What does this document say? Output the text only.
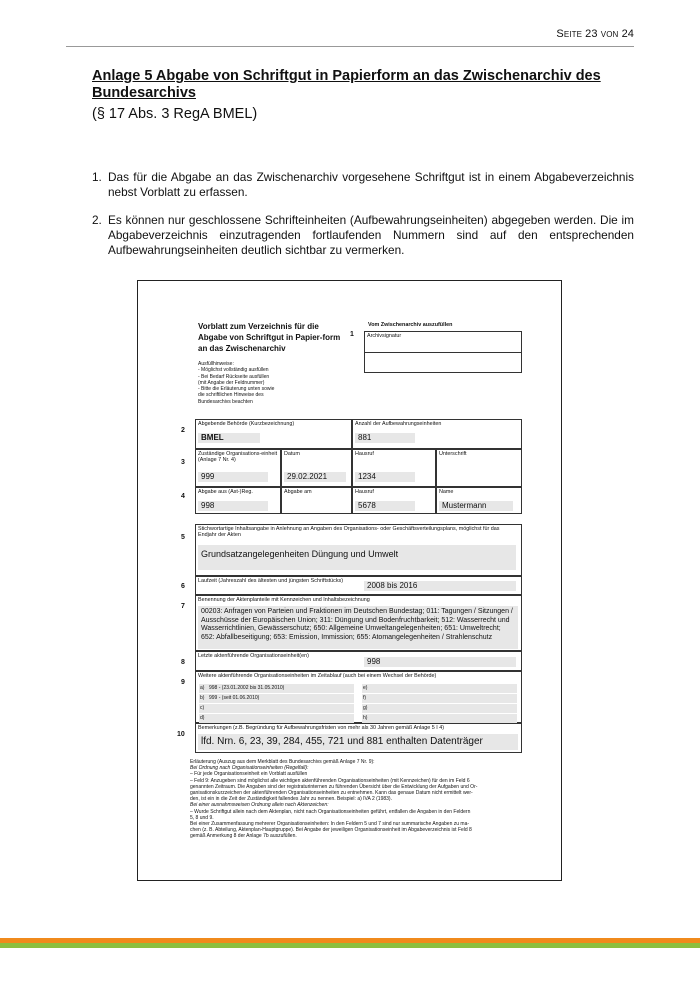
Seite 23 von 24
Anlage 5 Abgabe von Schriftgut in Papierform an das Zwischenarchiv des Bundesarchivs
(§ 17 Abs. 3 RegA BMEL)
1. Das für die Abgabe an das Zwischenarchiv vorgesehene Schriftgut ist in einem Abgabeverzeichnis nebst Vorblatt zu erfassen.
2. Es können nur geschlossene Schrifteinheiten (Aufbewahrungseinheiten) abgegeben werden. Die im Abgabeverzeichnis einzutragenden fortlaufenden Nummern sind auf den entsprechenden Aufbewahrungseinheiten deutlich sichtbar zu vermerken.
Vorblatt zum Verzeichnis für die Abgabe von Schriftgut in Papier-form an das Zwischenarchiv
Ausfüllhinweise:
- Möglichst vollständig ausfüllen
- Bei Bedarf Rückseite ausfüllen
(mit Angabe der Feldnummer)
- Bitte die Erläuterung unten sowie
die schriftlichen Hinweise des
Bundesarchivs beachten
1
Vom Zwischenarchiv auszufüllen
Archivsignatur
2
Abgebende Behörde (Kurzbezeichnung)
BMEL
Anzahl der Aufbewahrungseinheiten
881
3
Zuständige Organisations-einheit (Anlage 7 Nr. 4)
999
Datum
29.02.2021
Hausruf
1234
Unterschrift
4
Abgabe aus (Ast-)Reg.
998
Abgabe am	Hausruf
5678
Name
Mustermann
5
Stichwortartige Inhaltsangabe in Anlehnung an Angaben des Organisations- oder Geschäftsverteilungsplans, möglichst für das Endjahr der Akten
Grundsatzangelegenheiten Düngung und Umwelt
6
Laufzeit (Jahreszahl des ältesten und jüngsten Schriftstücks)	2008 bis 2016
7
Benennung der Aktenplanteile mit Kennzeichen und Inhaltsbezeichnung
00203: Anfragen von Parteien und Fraktionen im Deutschen Bundestag; 011: Tagungen / Sitzungen / Ausschüsse der Europäischen Union; 311: Düngung und Bodenfruchtbarkeit; 512: Wasserrecht und Wasserrichtlinien, Gewässerschutz; 650: Allgemeine Umweltangelegenheiten; 651: Umweltrecht; 652: Abfallbeseitigung; 653: Emission, Immission; 655: Atomangelegenheiten / Strahlenschutz
8
Letzte aktenführende Organisationseinheit(en)
998
9
Weitere aktenführende Organisationseinheiten im Zeitablauf (auch bei einem Wechsel der Behörde)
a) 998 - (23.01.2002 bis 31.05.2010)
b) 999 - (seit 01.06.2010)
c)
d)
e)
f)
g)
h)
10
Bemerkungen (z.B. Begründung für Aufbewahrungsfristen von mehr als 30 Jahren gemäß Anlage 5 I 4)
lfd. Nrn. 6, 23, 39, 284, 455, 721 und 881 enthalten Datenträger
Erläuterung (Auszug aus dem Merkblatt des Bundesarchivs gemäß Anlage 7 Nr. 9):
Bei Ordnung nach Organisationseinheiten (Regelfall):
– Für jede Organisationseinheit ein Vorblatt ausfüllen
– Feld 9: Anzugeben sind möglichst alle wichtigen aktenführenden Organisationseinheiten (mit Kennzeichen) für den im Feld 6
genannten Zeitraum. Die Angaben sind der registraturinternen zu führenden Übersicht über die Entwicklung der Aufgaben und Or-
ganisationskurzzeichen der aktenführenden Organisationseinheiten zu entnehmen. Kann das genaue Datum nicht ermittelt wer-
den, ist ein in die Zeit der Zuständigkeit fallendes Jahr zu nennen. Beispiel: a) IVA 2 (1983).
Bei einer ausnahmsweisen Ordnung allein nach Aktenzeichen:
– Wurde Schriftgut allein nach dem Aktenplan, nicht nach Organisationseinheiten geführt, entfallen die Angaben in den Feldern
5, 8 und 9.
Bei einer Zusammenfassung mehrerer Organisationseinheiten: In den Feldern 5 und 7 sind nur summarische Angaben zu ma-
chen (z. B. Abteilung, Aktenplan-Hauptgruppe). Bei Angabe der jeweiligen Organisationseinheit im Abgabeverzeichnis ist Feld 8
gemäß Anmerkung 8 der Anlage 7b auszufüllen.
